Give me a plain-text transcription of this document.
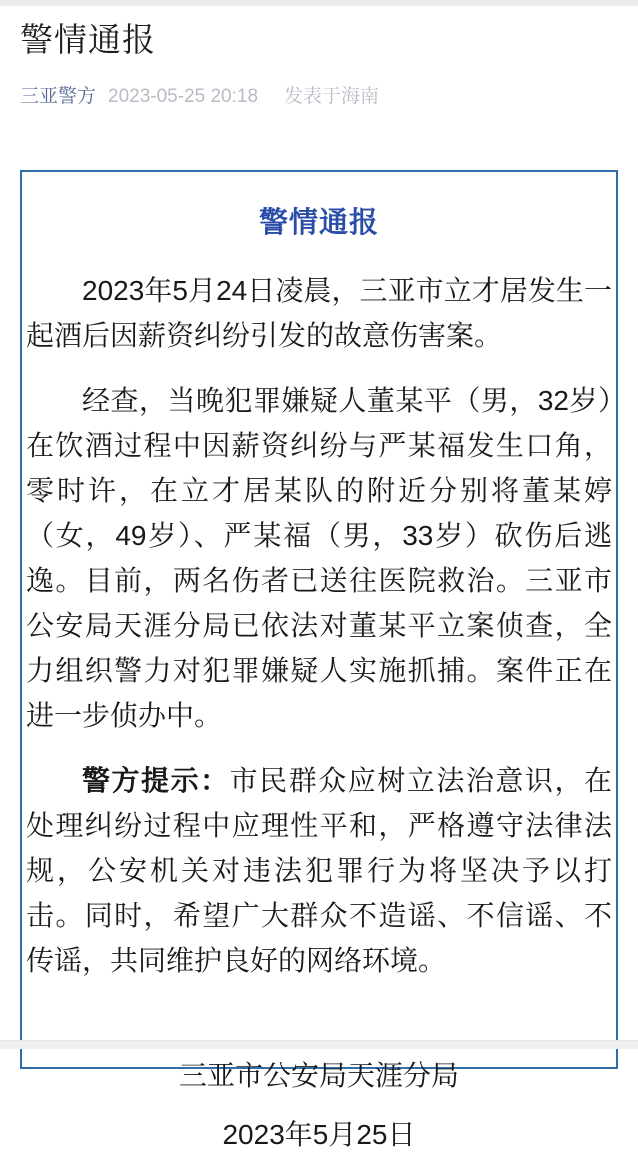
警情通报
三亚警方 2023-05-25 20:18 发表于海南
警情通报

2023年5月24日凌晨，三亚市立才居发生一起酒后因薪资纠纷引发的故意伤害案。

经查，当晚犯罪嫌疑人董某平（男，32岁）在饮酒过程中因薪资纠纷与严某福发生口角，零时许，在立才居某队的附近分别将董某婷（女，49岁）、严某福（男，33岁）砍伤后逃逸。目前，两名伤者已送往医院救治。三亚市公安局天涯分局已依法对董某平立案侦查，全力组织警力对犯罪嫌疑人实施抓捕。案件正在进一步侦办中。

警方提示：市民群众应树立法治意识，在处理纠纷过程中应理性平和，严格遵守法律法规，公安机关对违法犯罪行为将坚决予以打击。同时，希望广大群众不造谣、不信谣、不传谣，共同维护良好的网络环境。

三亚市公安局天涯分局
2023年5月25日
